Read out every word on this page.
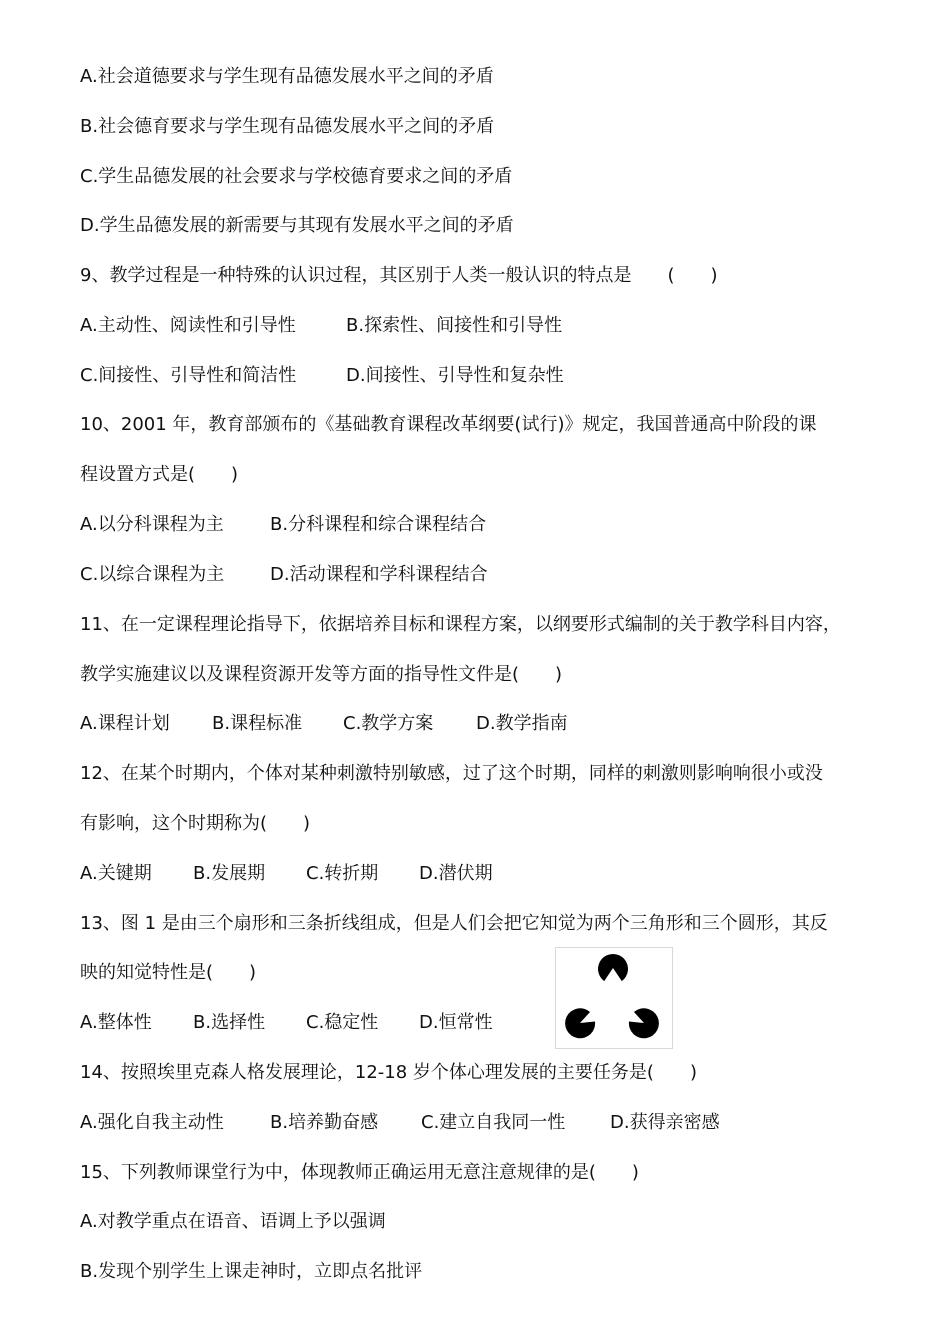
A.社会道德要求与学生现有品德发展水平之间的矛盾
B.社会德育要求与学生现有品德发展水平之间的矛盾
C.学生品德发展的社会要求与学校德育要求之间的矛盾
D.学生品德发展的新需要与其现有发展水平之间的矛盾
9、教学过程是一种特殊的认识过程，其区别于人类一般认识的特点是　　(　　)
A.主动性、阅读性和引导性	B.探索性、间接性和引导性
C.间接性、引导性和简洁性	D.间接性、引导性和复杂性
10、2001 年，教育部颁布的《基础教育课程改革纲要(试行)》规定，我国普通高中阶段的课
程设置方式是(　　)
A.以分科课程为主	B.分科课程和综合课程结合
C.以综合课程为主	D.活动课程和学科课程结合
11、在一定课程理论指导下，依据培养目标和课程方案，以纲要形式编制的关于教学科目内容，
教学实施建议以及课程资源开发等方面的指导性文件是(　　)
A.课程计划 B.课程标准 C.教学方案 D.教学指南
12、在某个时期内，个体对某种刺激特别敏感，过了这个时期，同样的刺激则影响响很小或没
有影响，这个时期称为(　　)
A.关键期 B.发展期 C.转折期 D.潜伏期
13、图 1 是由三个扇形和三条折线组成，但是人们会把它知觉为两个三角形和三个圆形，其反
映的知觉特性是(　　)
A.整体性 B.选择性 C.稳定性 D.恒常性
14、按照埃里克森人格发展理论，12-18 岁个体心理发展的主要任务是(　　)
A.强化自我主动性	B.培养勤奋感 C.建立自我同一性 D.获得亲密感
15、下列教师课堂行为中，体现教师正确运用无意注意规律的是(　　)
A.对教学重点在语音、语调上予以强调
B.发现个别学生上课走神时，立即点名批评
